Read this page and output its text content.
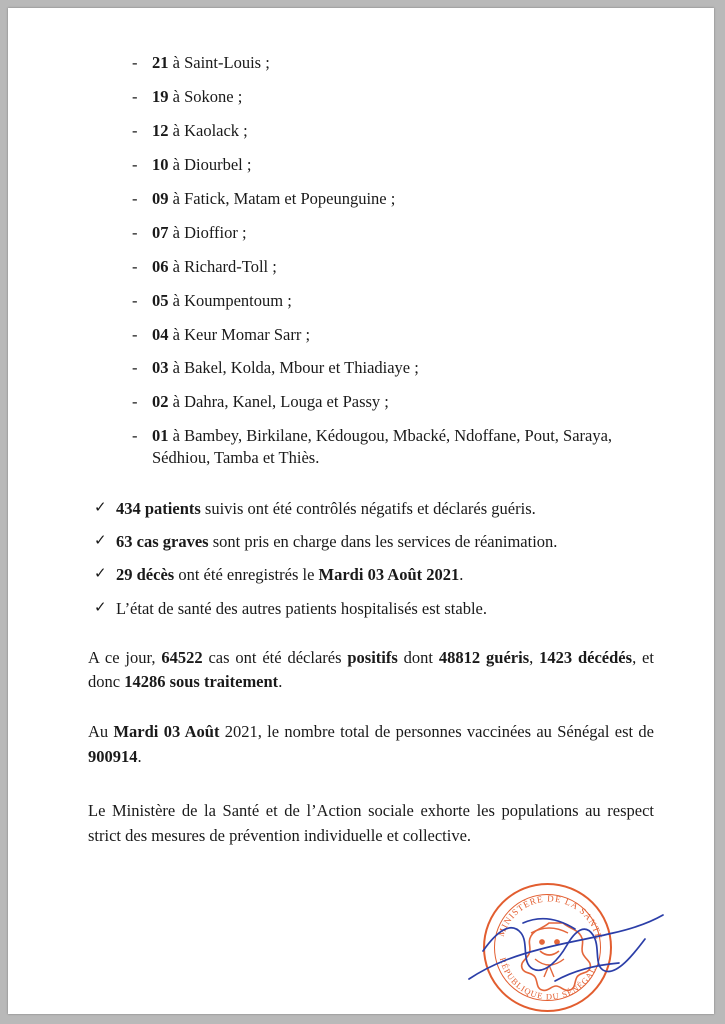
- 21 à Saint-Louis ;
- 19 à Sokone ;
- 12 à Kaolack ;
- 10 à Diourbel ;
- 09 à Fatick, Matam et Popeunguine ;
- 07 à Dioffior ;
- 06 à Richard-Toll ;
- 05 à Koumpentoum ;
- 04 à Keur Momar Sarr ;
- 03 à Bakel, Kolda, Mbour et Thiadiaye ;
- 02 à Dahra, Kanel, Louga et Passy ;
- 01 à Bambey, Birkilane, Kédougou, Mbacké, Ndoffane, Pout, Saraya, Sédhiou, Tamba et Thiès.
✓ 434 patients suivis ont été contrôlés négatifs et déclarés guéris.
✓ 63 cas graves sont pris en charge dans les services de réanimation.
✓ 29 décès ont été enregistrés le Mardi 03 Août 2021.
✓ L’état de santé des autres patients hospitalisés est stable.

A ce jour, 64522 cas ont été déclarés positifs dont 48812 guéris, 1423 décédés, et donc 14286 sous traitement.

Au Mardi 03 Août 2021, le nombre total de personnes vaccinées au Sénégal est de 900914.

Le Ministère de la Santé et de l’Action sociale exhorte les populations au respect strict des mesures de prévention individuelle et collective.

MINISTÈRE DE LA SANTÉ
RÉPUBLIQUE DU SÉNÉGAL
